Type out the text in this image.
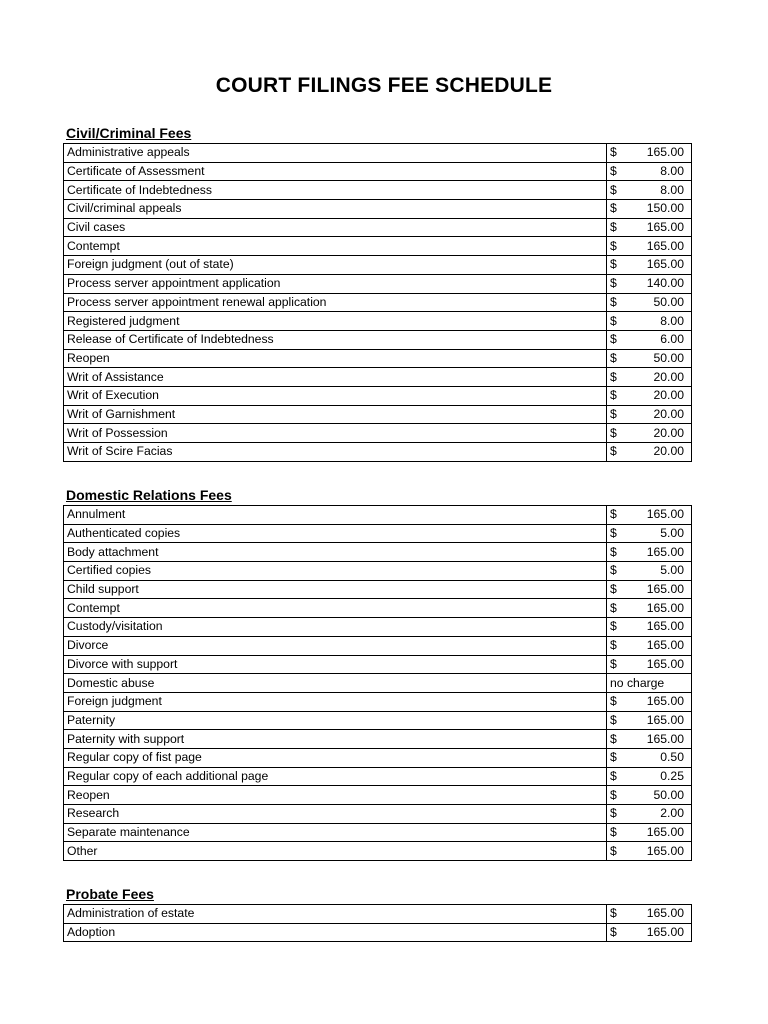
COURT FILINGS FEE SCHEDULE
Civil/Criminal Fees
Administrative appeals	$ 165.00

Certificate of Assessment	$ 8.00

Certificate of Indebtedness	$ 8.00

Civil/criminal appeals	$ 150.00

Civil cases	$ 165.00

Contempt	$ 165.00

Foreign judgment (out of state)	$ 165.00

Process server appointment application	$ 140.00

Process server appointment renewal application	$ 50.00

Registered judgment	$ 8.00

Release of Certificate of Indebtedness	$ 6.00

Reopen	$ 50.00

Writ of Assistance	$ 20.00

Writ of Execution	$ 20.00

Writ of Garnishment	$ 20.00

Writ of Possession	$ 20.00

Writ of Scire Facias	$ 20.00
Domestic Relations Fees
Annulment	$ 165.00

Authenticated copies	$ 5.00

Body attachment	$ 165.00

Certified copies	$ 5.00

Child support	$ 165.00

Contempt	$ 165.00

Custody/visitation	$ 165.00

Divorce	$ 165.00

Divorce with support	$ 165.00

Domestic abuse	no charge

Foreign judgment	$ 165.00

Paternity	$ 165.00

Paternity with support	$ 165.00

Regular copy of fist page	$ 0.50

Regular copy of each additional page	$ 0.25

Reopen	$ 50.00

Research	$ 2.00

Separate maintenance	$ 165.00

Other	$ 165.00
Probate Fees
Administration of estate	$ 165.00

Adoption	$ 165.00
